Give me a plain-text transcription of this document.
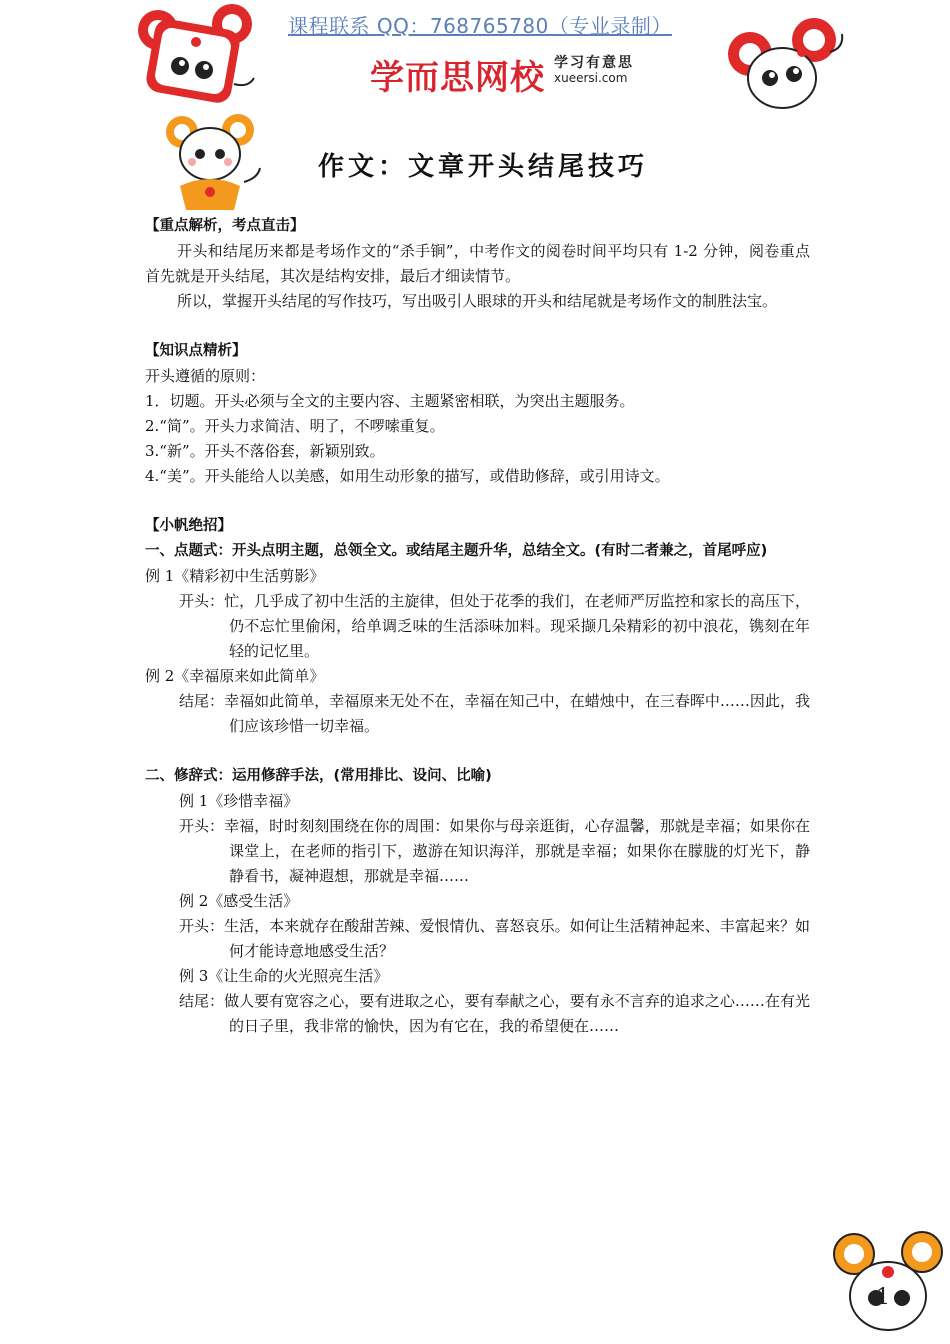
课程联系 QQ：768765780（专业录制）
学而思网校 学习有意思
xueersi.com
作文：文章开头结尾技巧
【重点解析，考点直击】
开头和结尾历来都是考场作文的“杀手锏”，中考作文的阅卷时间平均只有 1-2 分钟，阅卷重点首先就是开头结尾，其次是结构安排，最后才细读情节。
所以，掌握开头结尾的写作技巧，写出吸引人眼球的开头和结尾就是考场作文的制胜法宝。
【知识点精析】
开头遵循的原则：
1．切题。开头必须与全文的主要内容、主题紧密相联，为突出主题服务。
2.“简”。开头力求简洁、明了，不啰嗦重复。
3.“新”。开头不落俗套，新颖别致。
4.“美”。开头能给人以美感，如用生动形象的描写，或借助修辞，或引用诗文。
【小帆绝招】
一、点题式：开头点明主题，总领全文。或结尾主题升华，总结全文。(有时二者兼之，首尾呼应)
例 1《精彩初中生活剪影》
开头：忙，几乎成了初中生活的主旋律，但处于花季的我们，在老师严厉监控和家长的高压下，仍不忘忙里偷闲，给单调乏味的生活添味加料。现采撷几朵精彩的初中浪花，镌刻在年轻的记忆里。
例 2《幸福原来如此简单》
结尾：幸福如此简单，幸福原来无处不在，幸福在知己中，在蜡烛中，在三春晖中……因此，我们应该珍惜一切幸福。
二、修辞式：运用修辞手法，(常用排比、设问、比喻)
例 1《珍惜幸福》
开头：幸福，时时刻刻围绕在你的周围：如果你与母亲逛街，心存温馨，那就是幸福；如果你在课堂上，在老师的指引下，遨游在知识海洋，那就是幸福；如果你在朦胧的灯光下，静静看书，凝神遐想，那就是幸福……
例 2《感受生活》
开头：生活，本来就存在酸甜苦辣、爱恨情仇、喜怒哀乐。如何让生活精神起来、丰富起来？如何才能诗意地感受生活？
例 3《让生命的火光照亮生活》
结尾：做人要有宽容之心，要有进取之心，要有奉献之心，要有永不言弃的追求之心……在有光的日子里，我非常的愉快，因为有它在，我的希望便在……
1
